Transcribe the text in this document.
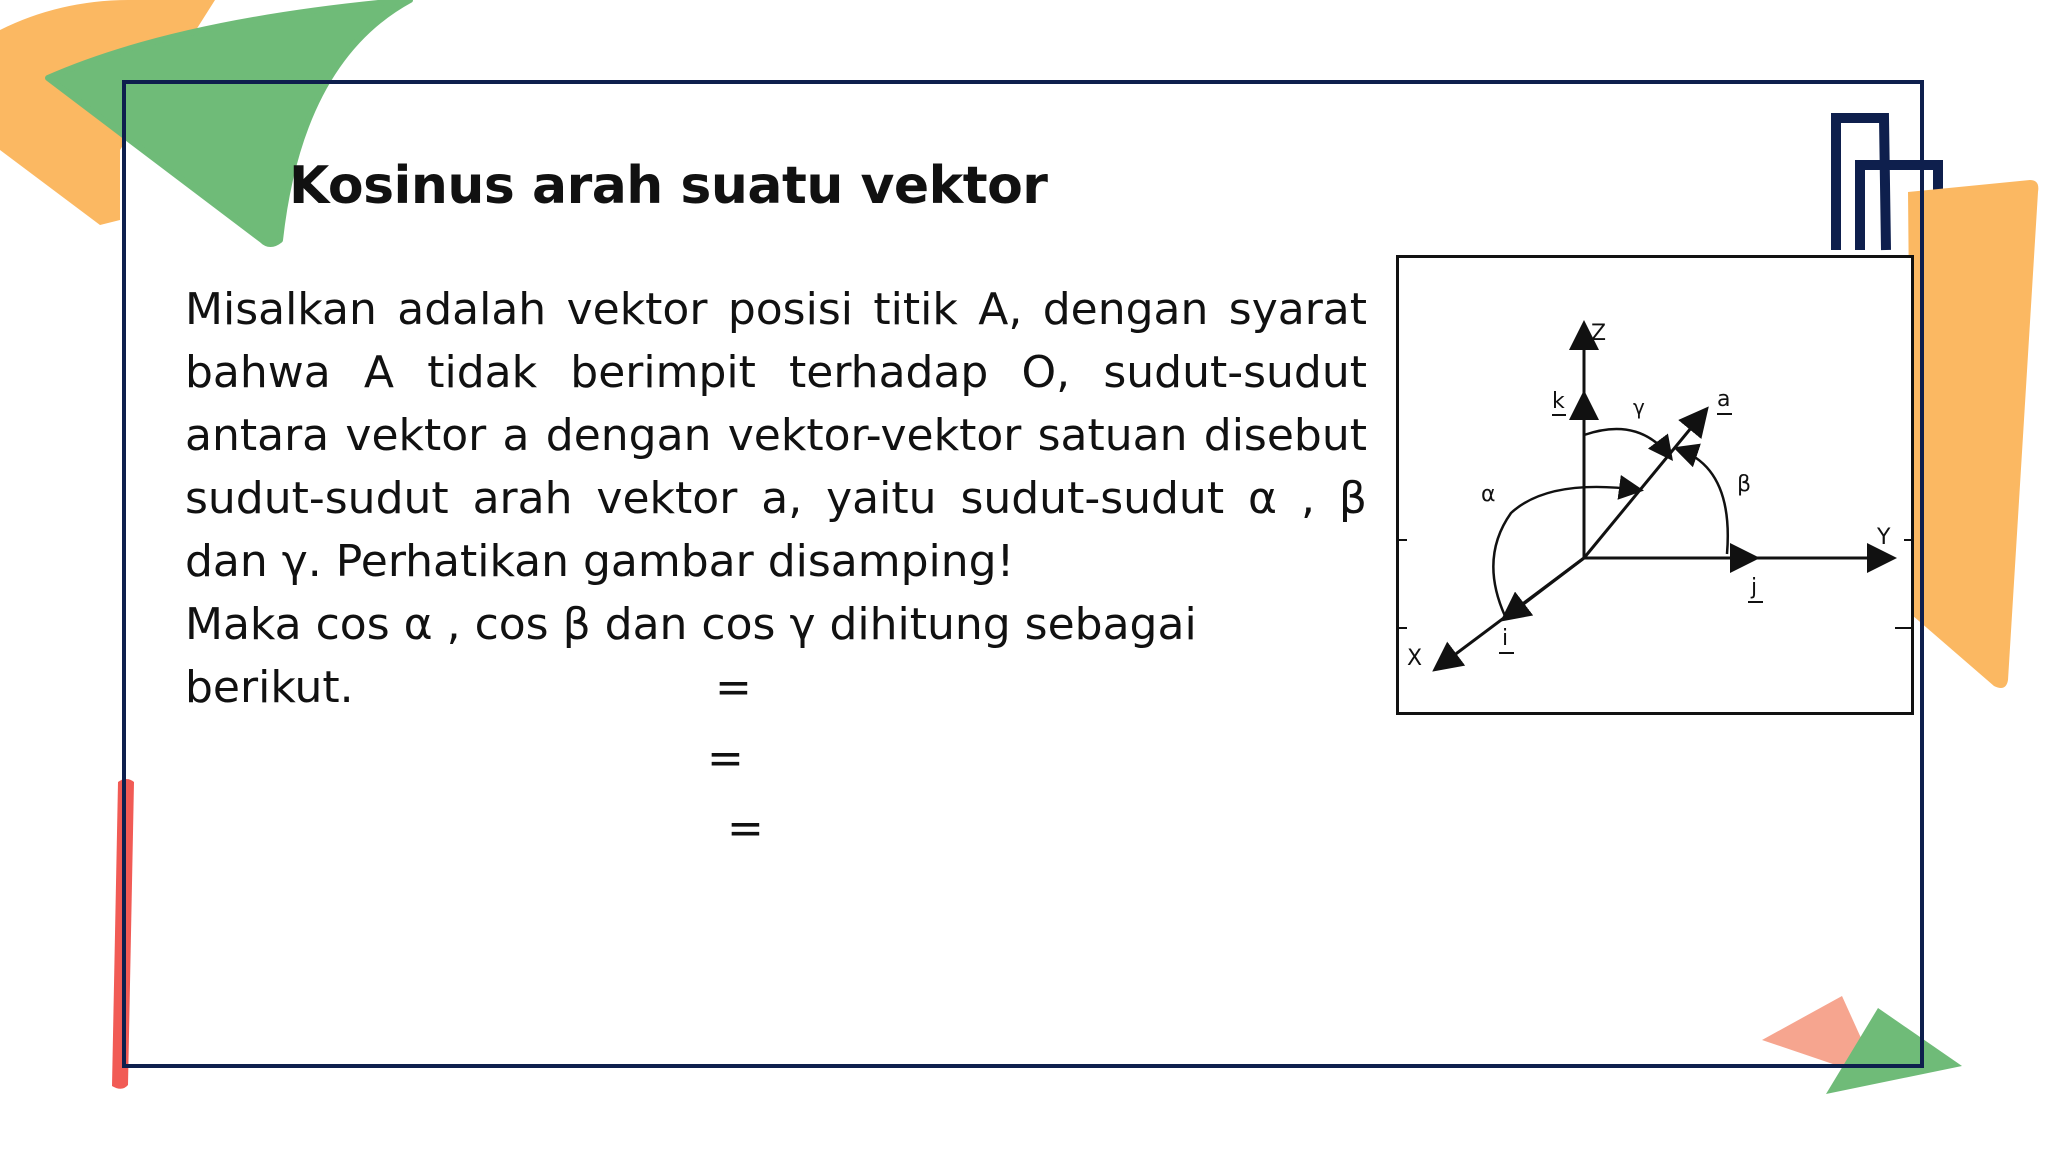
Kosinus arah suatu vektor

Misalkan adalah vektor posisi titik A, dengan syarat bahwa A tidak berimpit terhadap O, sudut-sudut antara vektor a dengan vektor-vektor satuan disebut sudut-sudut arah vektor a, yaitu sudut-sudut α , β dan γ. Perhatikan gambar disamping!

Maka cos α , cos β dan cos γ dihitung sebagai berikut.	=
=
=
Z
Y
X
k	a
j
i
α	β
γ
